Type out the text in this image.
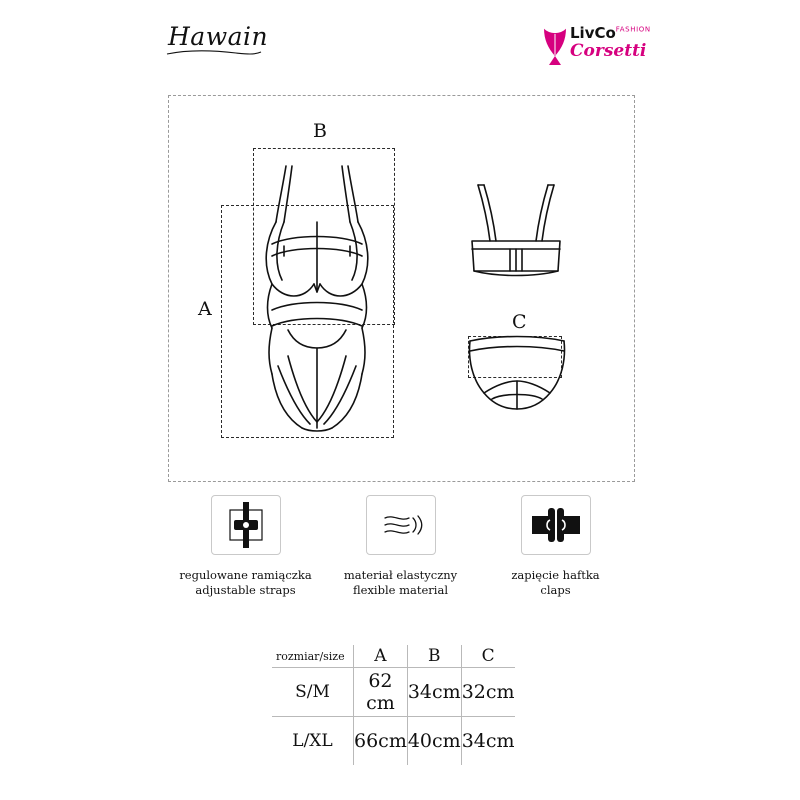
Hawain	LivCo$^{FASHION}$
Corsetti
A
B
C
regulowane ramiączka
adjustable straps
materiał elastyczny
flexible material
zapięcie haftka
claps
rozmiar/size	A	B	C
S/M	62 cm	34cm	32cm
L/XL	66cm	40cm	34cm
